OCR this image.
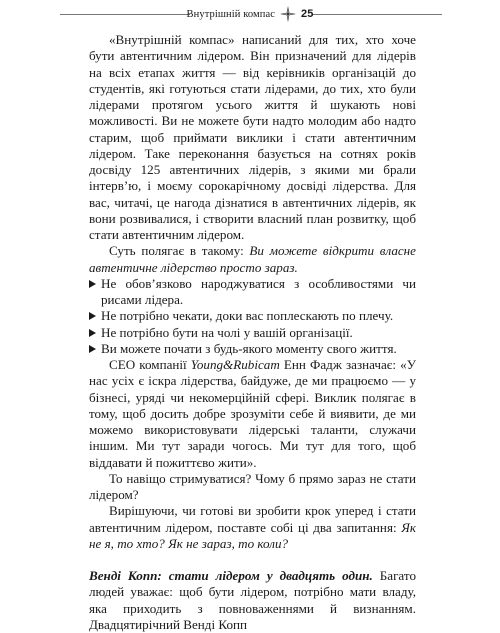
Внутрішній компас 25

«Внутрішній компас» написаний для тих, хто хоче бути автентичним лідером. Він призначений для лідерів на всіх етапах життя — від керівників організацій до студентів, які готуються стати лідерами, до тих, хто були лідерами протягом усього життя й шукають нові можливості. Ви не можете бути надто молодим або надто старим, щоб приймати виклики і стати автентичним лідером. Таке переконання базується на сотнях років досвіду 125 автентичних лідерів, з якими ми брали інтерв’ю, і моєму сорокарічному досвіді лідерства. Для вас, читачі, це нагода дізнатися в автентичних лідерів, як вони розвивалися, і створити власний план розвитку, щоб стати автентичним лідером.

Суть полягає в такому: Ви можете відкрити власне автентичне лідерство просто зараз.

Не обов’язково народжуватися з особливостями чи рисами лідера.
Не потрібно чекати, доки вас поплескають по плечу.
Не потрібно бути на чолі у вашій організації.
Ви можете почати з будь-якого моменту свого життя.

СЕО компанії Young&Rubicam Енн Фадж зазначає: «У нас усіх є іскра лідерства, байдуже, де ми працюємо — у бізнесі, уряді чи некомерційній сфері. Виклик полягає в тому, щоб досить добре зрозуміти себе й виявити, де ми можемо використовувати лідерські таланти, служачи іншим. Ми тут заради чогось. Ми тут для того, щоб віддавати й пожиттєво жити».

То навіщо стримуватися? Чому б прямо зараз не стати лідером?

Вирішуючи, чи готові ви зробити крок уперед і стати автентичним лідером, поставте собі ці два запитання: Як не я, то хто? Як не зараз, то коли?

Венді Копп: стати лідером у двадцять один. Багато людей уважає: щоб бути лідером, потрібно мати владу, яка приходить з повноваженнями й визнанням. Двадцятирічний Венді Копп
